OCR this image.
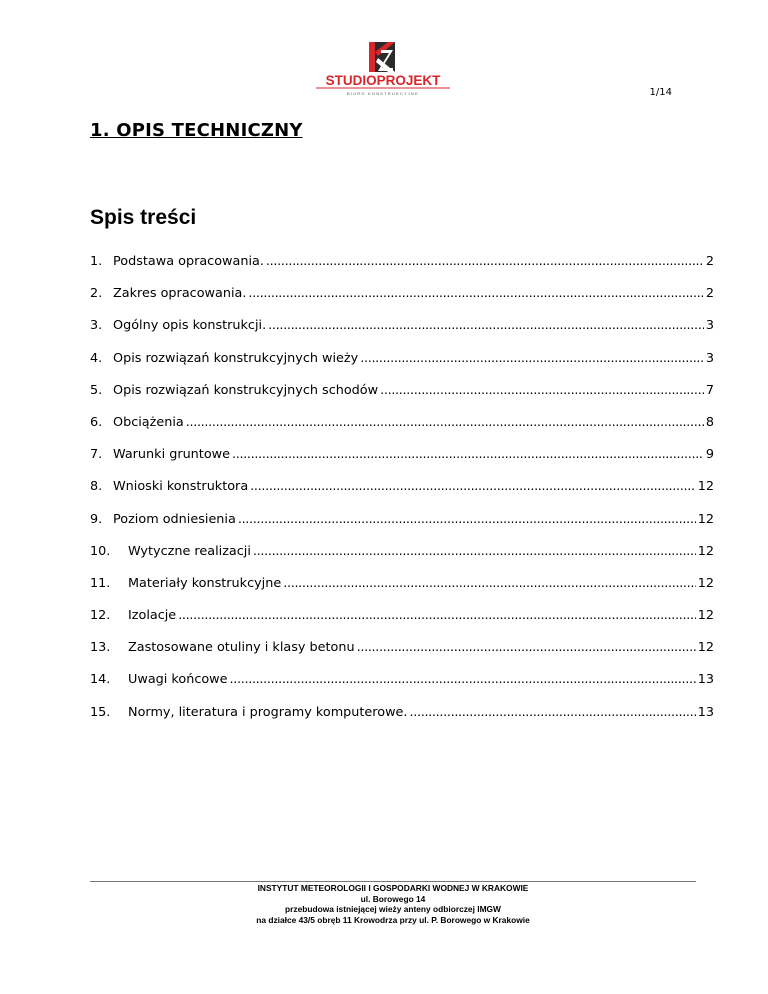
STUDIOPROJEKT
BIURO KONSTRUKCYJNE	1/14
1. OPIS TECHNICZNY
Spis treści
1. Podstawa opracowania. . . .	2
2. Zakres opracowania. . . .	2
3. Ogólny opis konstrukcji. . . .	3
4. Opis rozwiązań konstrukcyjnych wieży . . .	3
5. Opis rozwiązań konstrukcyjnych schodów . . .	7
6. Obciążenia . . .	8
7. Warunki gruntowe . . .	9
8. Wnioski konstruktora . . .	12
9. Poziom odniesienia . . .	12
10.	Wytyczne realizacji . . .	12
11.	Materiały konstrukcyjne . . .	12
12.	Izolacje . . .	12
13.	Zastosowane otuliny i klasy betonu . . .	12
14.	Uwagi końcowe . . .	13
15.	Normy, literatura i programy komputerowe. . . .	13
INSTYTUT METEOROLOGII I GOSPODARKI WODNEJ W KRAKOWIE
ul. Borowego 14
przebudowa istniejącej wieży anteny odbiorczej IMGW
na działce 43/5 obręb 11 Krowodrza przy ul. P. Borowego w Krakowie
